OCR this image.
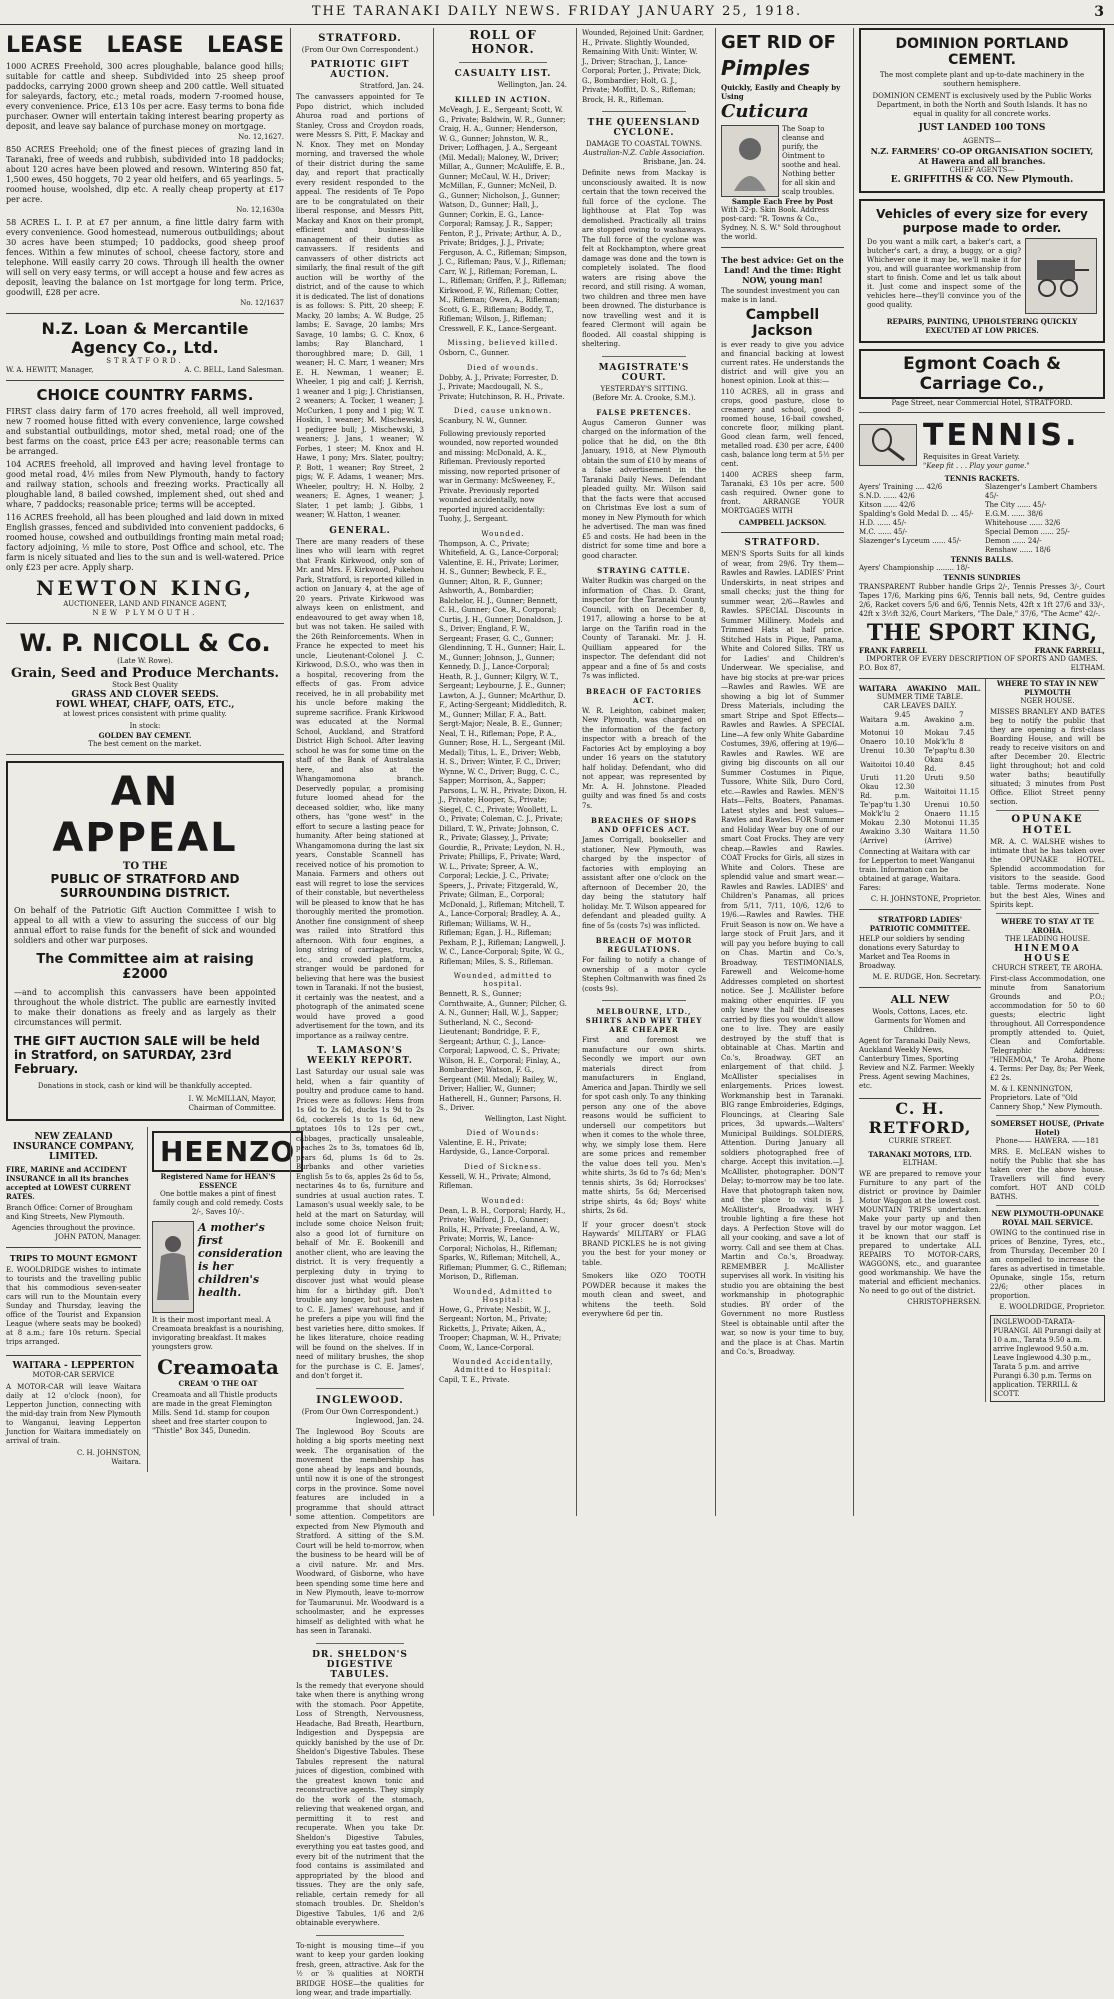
THE TARANAKI DAILY NEWS. FRIDAY JANUARY 25, 1918.	3
LEASE LEASE LEASE

1000 ACRES Freehold, 300 acres ploughable, balance good hills; suitable for cattle and sheep. Subdivided into 25 sheep proof paddocks, carrying 2000 grown sheep and 200 cattle. Well situated for saleyards, factory, etc.; metal roads, modern 7-roomed house, every convenience. Price, £13 10s per acre. Easy terms to bona fide purchaser. Owner will entertain taking interest bearing property as deposit, and leave say balance of purchase money on mortgage.

No. 12,1627.

850 ACRES Freehold; one of the finest pieces of grazing land in Taranaki, free of weeds and rubbish, subdivided into 18 paddocks; about 120 acres have been plowed and resown. Wintering 850 fat, 1,500 ewes, 450 hoggets, 70 2 year old heifers, and 65 yearlings. 5-roomed house, woolshed, dip etc. A really cheap property at £17 per acre.

No. 12,1630a

58 ACRES L. I. P. at £7 per annum, a fine little dairy farm with every convenience. Good homestead, numerous outbuildings; about 30 acres have been stumped; 10 paddocks, good sheep proof fences. Within a few minutes of school, cheese factory, store and telephone. Will easily carry 20 cows. Through ill health the owner will sell on very easy terms, or will accept a house and few acres as deposit, leaving the balance on 1st mortgage for long term. Price, goodwill, £28 per acre.

No. 12/1637
N.Z. Loan & Mercantile Agency Co., Ltd.
STRATFORD.
W. A. HEWITT, Manager,	A. C. BELL, Land Salesman.
CHOICE COUNTRY FARMS.

FIRST class dairy farm of 170 acres freehold, all well improved, new 7 roomed house fitted with every convenience, large cowshed and substantial outbuildings, motor shed, metal road; one of the best farms on the coast, price £43 per acre; reasonable terms can be arranged.

104 ACRES freehold, all improved and having level frontage to good metal road, 4½ miles from New Plymouth, handy to factory and railway station, schools and freezing works. Practically all ploughable land, 8 bailed cowshed, implement shed, out shed and whare, 7 paddocks; reasonable price; terms will be accepted.

116 ACRES freehold, all has been ploughed and laid down in mixed English grasses, fenced and subdivided into convenient paddocks, 6 roomed house, cowshed and outbuildings fronting main metal road; factory adjoining, ½ mile to store, Post Office and school, etc. The farm is nicely situated and lies to the sun and is well-watered. Price only £23 per acre. Apply sharp.

NEWTON KING,
AUCTIONEER, LAND AND FINANCE AGENT,
NEW PLYMOUTH.
W. P. NICOLL & Co.
(Late W. Rowe).
Grain, Seed and Produce Merchants.
Stock Best Quality
GRASS AND CLOVER SEEDS.
FOWL WHEAT, CHAFF, OATS, ETC.,
at lowest prices consistent with prime quality.
In stock:
GOLDEN BAY CEMENT.
The best cement on the market.
AN APPEAL
TO THE
PUBLIC OF STRATFORD AND SURROUNDING DISTRICT.

On behalf of the Patriotic Gift Auction Committee I wish to appeal to all with a view to assuring the success of our big annual effort to raise funds for the benefit of sick and wounded soldiers and other war purposes.

The Committee aim at raising £2000

—and to accomplish this canvassers have been appointed throughout the whole district. The public are earnestly invited to make their donations as freely and as largely as their circumstances will permit.

THE GIFT AUCTION SALE will be held in Stratford, on SATURDAY, 23rd February.
Donations in stock, cash or kind will be thankfully accepted.
I. W. McMILLAN, Mayor,
Chairman of Committee.
NEW ZEALAND INSURANCE COMPANY, LIMITED.

FIRE, MARINE and ACCIDENT INSURANCE in all its branches accepted at LOWEST CURRENT RATES.

Branch Office: Corner of Brougham and King Streets, New Plymouth.

Agencies throughout the province.
JOHN PATON, Manager.
TRIPS TO MOUNT EGMONT

E. WOOLDRIDGE wishes to intimate to tourists and the travelling public that his commodious seven-seater cars will run to the Mountain every Sunday and Thursday, leaving the office of the Tourist and Expansion League (where seats may be booked) at 8 a.m.; fare 10s return. Special trips arranged.

WAITARA - LEPPERTON
MOTOR-CAR SERVICE

A MOTOR-CAR will leave Waitara daily at 12 o'clock (noon), for Lepperton Junction, connecting with the mid-day train from New Plymouth to Wanganui, leaving Lepperton Junction for Waitara immediately on arrival of train.

C. H. JOHNSTON,
Waitara.
HEENZO
Registered Name for HEAN'S ESSENCE
One bottle makes a pint of finest family cough and cold remedy. Costs 2/-, Saves 10/-.
A mother's first consideration is her children's health.

It is their most important meal. A Creamoata breakfast is a nourishing, invigorating breakfast. It makes youngsters grow.

Creamoata
CREAM 'O THE OAT

Creamoata and all Thistle products are made in the great Flemington Mills. Send 1d. stamp for coupon sheet and free starter coupon to "Thistle" Box 345, Dunedin.

STRATFORD.
(From Our Own Correspondent.)
PATRIOTIC GIFT AUCTION.
Stratford, Jan. 24.

The canvassers appointed for Te Popo district, which included Ahuroa road and portions of Stanley, Cross and Croydon roads, were Messrs S. Pitt, F. Mackay and N. Knox. They met on Monday morning, and traversed the whole of their district during the same day, and report that practically every resident responded to the appeal. The residents of Te Popo are to be congratulated on their liberal response, and Messrs Pitt, Mackay and Knox on their prompt, efficient and business-like management of their duties as canvassers. If residents and canvassers of other districts act similarly, the final result of the gift auction will be worthy of the district, and of the cause to which it is dedicated. The list of donations is as follows: S. Pitt, 20 sheep; F. Macky, 20 lambs; A. W. Budge, 25 lambs; E. Savage, 20 lambs; Mrs Savage, 10 lambs; G. C. Knox, 6 lambs; Ray Blanchard, 1 thoroughbred mare; D. Gill, 1 weaner; H. C. Marr, 1 weaner; Mrs E. H. Newman, 1 weaner; E. Wheeler, 1 pig and calf; J. Kerrish, 1 weaner and 1 pig; J. Christiansen, 2 weaners; A. Tocker, 1 weaner; J. McCurken, 1 pony and 1 pig; W. T. Hoskin, 1 weaner; M. Mischewski, 1 pedigree bull; J. Mischewski, 3 weaners; J. Jans, 1 weaner; W. Forbes, 1 steer; M. Knox and H. Hawe, 1 pony; Mrs. Slater, poultry; P. Bott, 1 weaner; Roy Street, 2 pigs; W. F. Adams, 1 weaner; Mrs. Wheeler, poultry; H. N. Holby, 2 weaners; E. Agnes, 1 weaner; J. Slater, 1 pet lamb; J. Gibbs, 1 weaner; W. Hatton, 1 weaner.

GENERAL.

There are many readers of these lines who will learn with regret that Frank Kirkwood, only son of Mr. and Mrs. F. Kirkwood, Pukehou Park, Stratford, is reported killed in action on January 4, at the age of 20 years. Private Kirkwood was always keen on enlistment, and endeavoured to get away when 18, but was not taken. He sailed with the 26th Reinforcements. When in France he expected to meet his uncle, Lieutenant-Colonel J. C. Kirkwood, D.S.O., who was then in a hospital, recovering from the effects of gas. From advice received, he in all probability met his uncle before making the supreme sacrifice. Frank Kirkwood was educated at the Normal School, Auckland, and Stratford District High School. After leaving school he was for some time on the staff of the Bank of Australasia here, and also at the Whangamomona branch. Deservedly popular, a promising future loomed ahead for the deceased soldier, who, like many others, has "gone west" in the effort to secure a lasting peace for humanity. After being stationed at Whangamomona during the last six years, Constable Scannell has received notice of his promotion to Manaia. Farmers and others out east will regret to lose the services of their constable, but nevertheless will be pleased to know that he has thoroughly merited the promotion. Another fine consignment of sheep was railed into Stratford this afternoon. With four engines, a long string of carriages, trucks, etc., and crowded platform, a stranger would be pardoned for believing that here was the busiest town in Taranaki. If not the busiest, it certainly was the neatest, and a photograph of the animated scene would have proved a good advertisement for the town, and its importance as a railway centre.

T. LAMASON'S WEEKLY REPORT.

Last Saturday our usual sale was held, when a fair quantity of poultry and produce came to hand. Prices were as follows: Hens from 1s 6d to 2s 6d, ducks 1s 9d to 2s 6d, cockerels 1s to 1s 6d, new potatoes 10s to 12s per cwt., cabbages, practically unsaleable, peaches 2s to 3s, tomatoes 6d lb, pears 6d, plums 1s 6d to 2s. Burbanks and other varieties English 5s to 6s, apples 2s 6d to 5s, nectarines 4s to 6s, furniture and sundries at usual auction rates. T. Lamason's usual weekly sale, to be held at the mart on Saturday, will include some choice Nelson fruit; also a good lot of furniture on behalf of Mr. E. Bookenill and another client, who are leaving the district. It is very frequently a perplexing duty in trying to discover just what would please him for a birthday gift. Don't trouble any longer, but just hasten to C. E. James' warehouse, and if he prefers a pipe you will find the best varieties here, ditto smokes. If he likes literature, choice reading will be found on the shelves. If in need of military brushes, the shop for the purchase is C. E. James', and don't forget it.

INGLEWOOD.
(From Our Own Correspondent.)
Inglewood, Jan. 24.

The Inglewood Boy Scouts are holding a big sports meeting next week. The organisation of the movement the membership has gone ahead by leaps and bounds, until now it is one of the strongest corps in the province. Some novel features are included in a programme that should attract some attention. Competitors are expected from New Plymouth and Stratford. A sitting of the S.M. Court will be held to-morrow, when the business to be heard will be of a civil nature. Mr. and Mrs. Woodward, of Gisborne, who have been spending some time here and in New Plymouth, leave to-morrow for Taumarunui. Mr. Woodward is a schoolmaster, and he expresses himself as delighted with what he has seen in Taranaki.

DR. SHELDON'S DIGESTIVE TABULES.

Is the remedy that everyone should take when there is anything wrong with the stomach. Poor Appetite, Loss of Strength, Nervousness, Headache, Bad Breath, Heartburn, Indigestion and Dyspepsia are quickly banished by the use of Dr. Sheldon's Digestive Tabules. These Tabules represent the natural juices of digestion, combined with the greatest known tonic and reconstructive agents. They simply do the work of the stomach, relieving that weakened organ, and permitting it to rest and recuperate. When you take Dr. Sheldon's Digestive Tabules, everything you eat tastes good, and every bit of the nutriment that the food contains is assimilated and appropriated by the blood and tissues. They are the only safe, reliable, certain remedy for all stomach troubles. Dr. Sheldon's Digestive Tabules, 1/6 and 2/6 obtainable everywhere.

To-night is mousing time—if you want to keep your garden looking fresh, green, attractive. Ask for the ½ or ⅞ qualities at NORTH BRIDGE HOSE—the qualities for long wear, and trade impartially.

ROLL OF HONOR.
CASUALTY LIST.
Wellington, Jan. 24.
KILLED IN ACTION.

McVeagh, J. E., Sergeant; Scott, W. G., Private; Baldwin, W. R., Gunner; Craig, H. A., Gunner; Henderson, W. G., Gunner; Johnston, W. R., Driver; Loffhagen, J. A., Sergeant (Mil. Medal); Maloney, W., Driver; Millar, A., Gunner; McAuliffe, E. B., Gunner; McCaul, W. H., Driver; McMillan, F., Gunner; McNeil, D. G., Gunner; Nicholson, J., Gunner; Watson, D., Gunner; Hall, J., Gunner; Corkin, E. G., Lance-Corporal; Ramsay, J. R., Sapper; Fenton, P. J., Private; Arthur, A. D., Private; Bridges, J. J., Private; Ferguson, A. C., Rifleman; Simpson, J. C., Rifleman; Paus, V. J., Rifleman; Carr, W. J., Rifleman; Foreman, L. L., Rifleman; Griffen, P. J., Rifleman; Kirkwood, F. W., Rifleman; Cotter, M., Rifleman; Owen, A., Rifleman; Scott, G. E., Rifleman; Boddy, T., Rifleman; Wilson, J., Rifleman; Cresswell, F. K., Lance-Sergeant.

Missing, believed killed.

Osborn, C., Gunner.

Died of wounds.

Dobby, A. J., Private; Forrester, D. J., Private; Macdougall, N. S., Private; Hutchinson, R. H., Private.

Died, cause unknown.

Scanbury, N. W., Gunner.

Following previously reported wounded, now reported wounded and missing: McDonald, A. K., Rifleman. Previously reported missing, now reported prisoner of war in Germany: McSweeney, F., Private. Previously reported wounded accidentally, now reported injured accidentally: Tuohy, J., Sergeant.

Wounded.

Thompson, A. C., Private; Whitefield, A. G., Lance-Corporal; Valentine, E. H., Private; Lorimer, H. S., Gunner; Bewbeck, F. E., Gunner; Alton, R. F., Gunner; Ashworth, A., Bombardier; Balchelor, H. J., Gunner; Bennett, C. H., Gunner; Coe, R., Corporal; Curtis, J. H., Gunner; Donaldson, J. S., Driver; England, F. W., Sergeant; Fraser, G. C., Gunner; Glendinning, T. H., Gunner; Hair, L. M., Gunner; Johnson, J., Gunner; Kennedy, D. J., Lance-Corporal; Heath, R. J., Gunner; Kilgry, W. T., Sergeant; Leybourne, J. E., Gunner; Lawton, A. J., Gunner; McArthur, D. F., Acting-Sergeant; Middleditch, R. M., Gunner; Millar, F. A., Batt. Sergt-Major; Neale, B. E., Gunner; Neal, T. H., Rifleman; Pope, P. A., Gunner; Rose, H. L., Sergeant (Mil. Medal); Titus, L. E., Driver; Webb, H. S., Driver; Winter, F. C., Driver; Wynne, W. C., Driver; Bugg, C. C., Sapper; Morrison, A., Sapper; Parsons, L. W. H., Private; Dixon, H. J., Private; Hooper, S., Private; Siegel, C. C., Private; Woollett, L. O., Private; Coleman, C. J., Private; Dillard, T. W., Private; Johnson, C. R., Private; Glassey, J., Private; Gourdie, R., Private; Leydon, N. H., Private; Phillips, F., Private; Ward, W. L., Private; Spreer, A. W., Corporal; Leckie, J. C., Private; Speers, J., Private; Fitzgerald, W., Private; Gilman, E., Corporal; McDonald, J., Rifleman; Mitchell, T. A., Lance-Corporal; Bradley, A. A., Rifleman; Williams, W. H., Rifleman; Egan, J. H., Rifleman; Pexham, P. J., Rifleman; Langwell, J. W. C., Lance-Corporal; Spite, W. G., Rifleman; Miles, S. S., Rifleman.

Wounded, admitted to hospital.

Bennett, R. S., Gunner; Cornthwaite, A., Gunner; Pilcher, G. A. N., Gunner; Hall, W. J., Sapper; Sutherland, N. C., Second-Lieutenant; Bondridge, F. F., Sergeant; Arthur, C. J., Lance-Corporal; Lapwood, C. S., Private; Wilson, H. E., Corporal; Finlay, A., Bombardier; Watson, F. G., Sergeant (Mil. Medal); Bailey, W., Driver; Hallier, W., Gunner; Hatherell, H., Gunner; Parsons, H. S., Driver.

Wellington, Last Night.
Died of Wounds:

Valentine, E. H., Private; Hardyside, G., Lance-Corporal.

Died of Sickness.

Kessell, W. H., Private; Almond, Rifleman.

Wounded:

Dean, L. B. H., Corporal; Hardy, H., Private; Walford, J. D., Gunner; Rolls, H., Private; Freeland, A. W., Private; Morris, W., Lance-Corporal; Nicholas, H., Rifleman; Sparks, W., Rifleman; Mitchell, A., Rifleman; Plummer, G. C., Rifleman; Morison, D., Rifleman.

Wounded, Admitted to Hospital:

Howe, G., Private; Nesbit, W. J., Sergeant; Norton, M., Private; Ricketts, J., Private; Aiken, A., Trooper; Chapman, W. H., Private; Coom, W., Lance-Corporal.

Wounded Accidentally, Admitted to Hospital:

Capil, T. E., Private.

Wounded, Rejoined Unit: Gardner, H., Private. Slightly Wounded, Remaining With Unit: Winter, W. J., Driver; Strachan, J., Lance-Corporal; Porter, J., Private; Dick, G., Bombardier; Holt, G. J., Private; Moffitt, D. S., Rifleman; Brock, H. R., Rifleman.

THE QUEENSLAND CYCLONE.
DAMAGE TO COASTAL TOWNS.
Australian-N.Z. Cable Association.
Brisbane, Jan. 24.

Definite news from Mackay is unconsciously awaited. It is now certain that the town received the full force of the cyclone. The lighthouse at Flat Top was demolished. Practically all trains are stopped owing to washaways. The full force of the cyclone was felt at Rockhampton, where great damage was done and the town is completely isolated. The flood waters are rising above the record, and still rising. A woman, two children and three men have been drowned. The disturbance is now travelling west and it is feared Clermont will again be flooded. All coastal shipping is sheltering.

MAGISTRATE'S COURT.
YESTERDAY'S SITTING.
(Before Mr. A. Crooke, S.M.).
FALSE PRETENCES.

Augus Cameron Gunner was charged on the information of the police that he did, on the 8th January, 1918, at New Plymouth obtain the sum of £10 by means of a false advertisement in the Taranaki Daily News. Defendant pleaded guilty. Mr. Wilson said that the facts were that accused on Christmas Eve lost a sum of money in New Plymouth for which he advertised. The man was fined £5 and costs. He had been in the district for some time and bore a good character.

STRAYING CATTLE.

Walter Rudkin was charged on the information of Chas. D. Grant, inspector for the Taranaki County Council, with on December 8, 1917, allowing a horse to be at large on the Tarifin road in the County of Taranaki. Mr. J. H. Quilliam appeared for the inspector. The defendant did not appear and a fine of 5s and costs 7s was inflicted.

BREACH OF FACTORIES ACT.

W. R. Leighton, cabinet maker, New Plymouth, was charged on the information of the factory inspector with a breach of the Factories Act by employing a boy under 16 years on the statutory half holiday. Defendant, who did not appear, was represented by Mr. A. H. Johnstone. Pleaded guilty and was fined 5s and costs 7s.

BREACHES OF SHOPS AND OFFICES ACT.

James Corrigall, bookseller and stationer, New Plymouth, was charged by the inspector of factories with employing an assistant after one o'clock on the afternoon of December 20, the day being the statutory half holiday. Mr. T. Wilson appeared for defendant and pleaded guilty. A fine of 5s (costs 7s) was inflicted.

BREACH OF MOTOR REGULATIONS.

For failing to notify a change of ownership of a motor cycle Stephen Coltmanwith was fined 2s (costs 9s).

MELBOURNE, LTD., SHIRTS AND WHY THEY ARE CHEAPER

First and foremost we manufacture our own shirts. Secondly we import our own materials direct from manufacturers in England, America and Japan. Thirdly we sell for spot cash only. To any thinking person any one of the above reasons would be sufficient to undersell our competitors but when it comes to the whole three, why, we simply lose them. Here are some prices and remember the value does tell you. Men's white shirts, 3s 6d to 7s 6d; Men's tennis shirts, 3s 6d; Horrockses' matte shirts, 5s 6d; Mercerised stripe shirts, 4s 6d; Boys' white shirts, 2s 6d.

If your grocer doesn't stock Haywards' MILITARY or FLAG BRAND PICKLES he is not giving you the best for your money or table.

Smokers like OZO TOOTH POWDER because it makes the mouth clean and sweet, and whitens the teeth. Sold everywhere 6d per tin.

GET RID OF
Pimples
Quickly, Easily and Cheaply by Using
Cuticura

The Soap to cleanse and purify, the Ointment to soothe and heal. Nothing better for all skin and scalp troubles.

Sample Each Free by Post
With 32-p. Skin Book. Address post-card: "R. Towns & Co., Sydney, N. S. W." Sold throughout the world.

The best advice: Get on the Land! And the time: Right NOW, young man!

The soundest investment you can make is in land.

Campbell Jackson

is ever ready to give you advice and financial backing at lowest current rates. He understands the district and will give you an honest opinion. Look at this:—

110 ACRES, all in grass and crops, good pasture, close to creamery and school, good 8-roomed house, 16-bail cowshed, concrete floor, milking plant. Good clean farm, well fenced, metalled road. £30 per acre, £400 cash, balance long term at 5½ per cent.

1400 ACRES sheep farm, Taranaki, £3 10s per acre. 500 cash required. Owner gone to front. ARRANGE YOUR MORTGAGES WITH

CAMPBELL JACKSON.
STRATFORD.

MEN'S Sports Suits for all kinds of wear, from 29/6. Try them—Rawles and Rawles. LADIES' Print Underskirts, in neat stripes and small checks; just the thing for summer wear, 2/6—Rawles and Rawles. SPECIAL Discounts in Summer Millinery. Models and Trimmed Hats at half price. Stitched Hats in Pique, Panama, White and Colored Silks. TRY us for Ladies' and Children's Underwear. We specialise, and have big stocks at pre-war prices—Rawles and Rawles. WE are showing a big lot of Summer Dress Materials, including the smart Stripe and Spot Effects—Rawles and Rawles. A SPECIAL Line—A few only White Gabardine Costumes, 39/6, offering at 19/6—Rawles and Rawles. WE are giving big discounts on all our Summer Costumes in Pique, Tussore, White Silk, Duro Cord, etc.—Rawles and Rawles. MEN'S Hats—Felts, Boaters, Panamas. Latest styles and best values—Rawles and Rawles. FOR Summer and Holiday Wear buy one of our smart Coat Frocks. They are very cheap.—Rawles and Rawles. COAT Frocks for Girls, all sizes in White and Colors. These are splendid value and smart wear.—Rawles and Rawles. LADIES' and Children's Panamas, all prices from 5/11, 7/11, 10/6, 12/6 to 19/6.—Rawles and Rawles. THE Fruit Season is now on. We have a large stock of Fruit Jars, and it will pay you before buying to call on Chas. Martin and Co.'s, Broadway. TESTIMONIALS, Farewell and Welcome-home Addresses completed on shortest notice. See J. McAllister before making other enquiries. IF you only knew the half the diseases carried by flies you wouldn't allow one to live. They are easily destroyed by the stuff that is obtainable at Chas. Martin and Co.'s, Broadway. GET an enlargement of that child. J. McAllister specialises in enlargements. Prices lowest. Workmanship best in Taranaki. BIG range Embroideries, Edgings, Flouncings, at Clearing Sale prices, 3d upwards.—Walters' Municipal Buildings. SOLDIERS, Attention. During January all soldiers photographed free of charge. Accept this invitation.—J. McAllister, photographer. DON'T Delay; to-morrow may be too late. Have that photograph taken now, and the place to visit is J. McAllister's, Broadway. WHY trouble lighting a fire these hot days. A Perfection Stove will do all your cooking, and save a lot of worry. Call and see them at Chas. Martin and Co.'s, Broadway. REMEMBER J. McAllister supervises all work. In visiting his studio you are obtaining the best workmanship in photographic studies. BY order of the Government no more Rustless Steel is obtainable until after the war, so now is your time to buy, and the place is at Chas. Martin and Co.'s, Broadway.

DOMINION PORTLAND CEMENT.

The most complete plant and up-to-date machinery in the southern hemisphere.

DOMINION CEMENT is exclusively used by the Public Works Department, in both the North and South Islands. It has no equal in quality for all concrete works.

JUST LANDED 100 TONS
AGENTS—
N.Z. FARMERS' CO-OP ORGANISATION SOCIETY, At Hawera and all branches.
CHIEF AGENTS—
E. GRIFFITHS & CO. New Plymouth.
Vehicles of every size for every purpose made to order.

Do you want a milk cart, a baker's cart, a butcher's cart, a dray, a buggy, or a gig? Whichever one it may be, we'll make it for you, and will guarantee workmanship from start to finish. Come and let us talk about it. Just come and inspect some of the vehicles here—they'll convince you of the good quality.

REPAIRS, PAINTING, UPHOLSTERING QUICKLY EXECUTED AT LOW PRICES.
Egmont Coach & Carriage Co.,
Page Street, near Commercial Hotel, STRATFORD.
TENNIS.
Requisites in Great Variety.
"Keep fit . . . Play your game."
TENNIS RACKETS.
Ayers' Training .... 42/6
S.N.D. ...... 42/6
Kitson ...... 42/6
Spalding's Gold Medal D. ... 45/-
H.D. ...... 45/-
M.C. ...... 45/-
Slazenger's Lyceum ...... 45/-
Slazenger's Lambert Chambers 45/-
The City ...... 45/-
E.G.M. ...... 38/6
Whitehouse ...... 32/6
Special Demon ...... 25/-
Demon ...... 24/-
Renshaw ...... 18/6
TENNIS BALLS.
Ayers' Championship ........ 18/-
TENNIS SUNDRIES

TRANSPARENT Rubber handle Grips 2/-, Tennis Presses 3/-, Court Tapes 17/6, Marking pins 6/6, Tennis ball nets, 9d, Centre guides 2/6, Racket covers 5/6 and 6/6, Tennis Nets, 42ft x 1ft 27/6 and 33/-, 42ft x 3½ft 32/6, Court Markers, "The Dale," 37/6, "The Acme" 42/-.

THE SPORT KING,
FRANK FARRELL	FRANK FARRELL,
IMPORTER OF EVERY DESCRIPTION OF SPORTS AND GAMES.
P.O. Box 87,	ELTHAM.
WAITARA AWAKINO MAIL.
SUMMER TIME TABLE.
CAR LEAVES DAILY.
Waitara	9.45 a.m.	Awakino	7 a.m.
Motonui	10	Mokau	7.45
Onaero	10.10	Mok'k'lu	8
Urenui	10.30	Te'pap'tu	8.30
Waitoitoi	10.40	Okau Rd.	8.45
Uruti	11.20	Uruti	9.50
Okau Rd.	12.30 p.m.	Waitoitoi	11.15
Te'pap'tu	1.30	Urenui	10.50
Mok'k'lu	2	Onaero	11.15
Mokau	2.30	Motonui	11.35
Awakino	3.30	Waitara	11.50
(Arrive)		(Arrive)	

Connecting at Waitara with car for Lepperton to meet Wanganui train. Information can be obtained at garage, Waitara. Fares:

C. H. JOHNSTONE, Proprietor.
STRATFORD LADIES' PATRIOTIC COMMITTEE.

HELP our soldiers by sending donations every Saturday to Market and Tea Rooms in Broadway.

M. E. RUDGE, Hon. Secretary.
ALL NEW

Wools, Cottons, Laces, etc. Garments for Women and Children.

Agent for Taranaki Daily News, Auckland Weekly News, Canterbury Times, Sporting Review and N.Z. Farmer. Weekly Press. Agent sewing Machines, etc.

C. H. RETFORD,
CURRIE STREET.
TARANAKI MOTORS, LTD.
ELTHAM.

WE are prepared to remove your Furniture to any part of the district or province by Daimler Motor Waggon at the lowest cost. MOUNTAIN TRIPS undertaken. Make your party up and then travel by our motor waggon. Let it be known that our staff is prepared to undertake ALL REPAIRS TO MOTOR-CARS, WAGGONS, etc., and guarantee good workmanship. We have the material and efficient mechanics. No need to go out of the district.

CHRISTOPHERSEN.
WHERE TO STAY IN NEW PLYMOUTH
NGER HOUSE.

MISSES BRANLEY AND BATES beg to notify the public that they are opening a first-class Boarding House, and will be ready to receive visitors on and after December 20. Electric light throughout; hot and cold water baths; beautifully situated; 3 minutes from Post Office. Elliot Street penny section.

OPUNAKE HOTEL

MR. A. C. WALSHE wishes to intimate that he has taken over the OPUNAKE HOTEL. Splendid accommodation for visitors to the seaside. Good table. Terms moderate. None but the best Ales, Wines and Spirits kept.

WHERE TO STAY AT TE AROHA.
THE LEADING HOUSE.
HINEMOA HOUSE
CHURCH STREET, TE AROHA.

First-class Accommodation, one minute from Sanatorium Grounds and P.O.; accommodation for 50 to 60 guests; electric light throughout. All Correspondence promptly attended to. Quiet, Clean and Comfortable. Telegraphic Address: "HINEMOA," Te Aroha. Phone 4. Terms: Per Day, 8s; Per Week, £2 2s.

M. & I. KENNINGTON, Proprietors. Late of "Old Cannery Shop," New Plymouth.
SOMERSET HOUSE, (Private Hotel)
Phone—— HAWERA. ——181

MRS. E. McLEAN wishes to notify the Public that she has taken over the above house. Travellers will find every comfort. HOT AND COLD BATHS.

NEW PLYMOUTH-OPUNAKE ROYAL MAIL SERVICE.

OWING to the continued rise in prices of Benzine, Tyres, etc., from Thursday, December 20 I am compelled to increase the fares as advertised in timetable. Opunake, single 15s, return 22/6; other places in proportion.

E. WOOLDRIDGE, Proprietor.
INGLEWOOD-TARATA-PURANGI. All Purangi daily at 10 a.m., Tarata 9.50 a.m. arrive Inglewood 9.50 a.m. Leave Inglewood 4.30 p.m., Tarata 5 p.m. and arrive Purangi 6.30 p.m. Terms on application. TERRILL & SCOTT.
